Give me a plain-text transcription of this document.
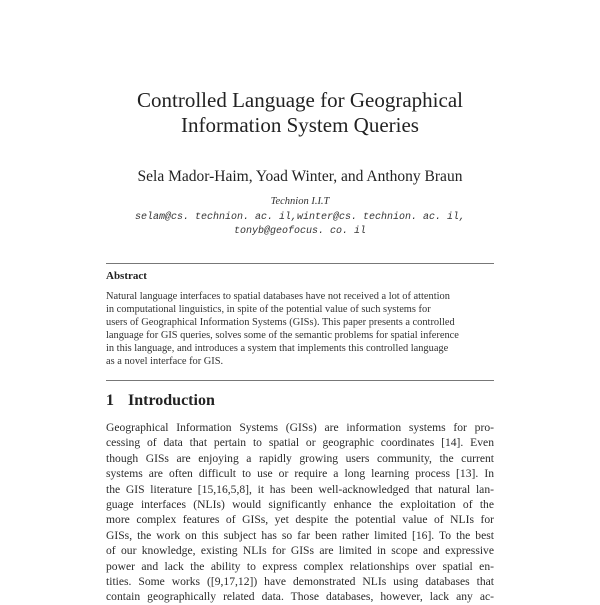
Controlled Language for Geographical
Information System Queries
Sela Mador-Haim, Yoad Winter, and Anthony Braun
Technion I.I.T
selam@cs. technion. ac. il,winter@cs. technion. ac. il,
tonyb@geofocus. co. il
Abstract
Natural language interfaces to spatial databases have not received a lot of attention
in computational linguistics, in spite of the potential value of such systems for
users of Geographical Information Systems (GISs). This paper presents a controlled
language for GIS queries, solves some of the semantic problems for spatial inference
in this language, and introduces a system that implements this controlled language
as a novel interface for GIS.
1 Introduction
Geographical Information Systems (GISs) are information systems for pro-
cessing of data that pertain to spatial or geographic coordinates [14]. Even
though GISs are enjoying a rapidly growing users community, the current
systems are often difficult to use or require a long learning process [13]. In
the GIS literature [15,16,5,8], it has been well-acknowledged that natural lan-
guage interfaces (NLIs) would significantly enhance the exploitation of the
more complex features of GISs, yet despite the potential value of NLIs for
GISs, the work on this subject has so far been rather limited [16]. To the best
of our knowledge, existing NLIs for GISs are limited in scope and expressive
power and lack the ability to express complex relationships over spatial en-
tities. Some works ([9,17,12]) have demonstrated NLIs using databases that
contain geographically related data. Those databases, however, lack any ac-
